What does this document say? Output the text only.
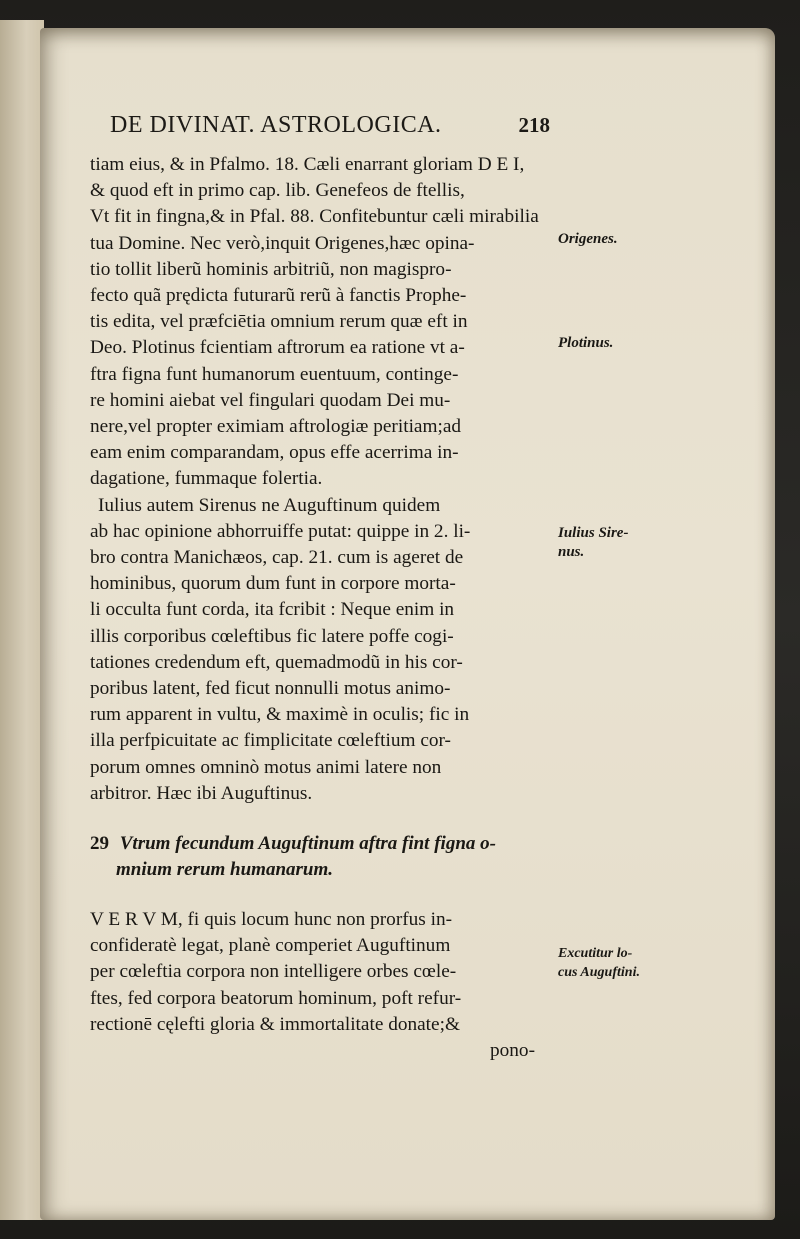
DE DIVINAT. ASTROLOGICA.	218
tiam eius, & in Pfalmo. 18. Cæli enarrant gloriam D E I,
& quod eft in primo cap. lib. Genefeos de ftellis,
Vt fit in fingna,& in Pfal. 88. Confitebuntur cæli mirabilia
tua Domine. Nec verò,inquit Origenes,hæc opina-
tio tollit liberũ hominis arbitriũ, non magispro-
fecto quã prędicta futurarũ rerũ à fanctis Prophe-
tis edita, vel præfciētia omnium rerum quæ eft in
Deo. Plotinus fcientiam aftrorum ea ratione vt a-
ftra figna funt humanorum euentuum, continge-
re homini aiebat vel fingulari quodam Dei mu-
nere,vel propter eximiam aftrologiæ peritiam;ad
eam enim comparandam, opus effe acerrima in-
dagatione, fummaque folertia.
Iulius autem Sirenus ne Auguftinum quidem
ab hac opinione abhorruiffe putat: quippe in 2. li-
bro contra Manichæos, cap. 21. cum is ageret de
hominibus, quorum dum funt in corpore morta-
li occulta funt corda, ita fcribit : Neque enim in
illis corporibus cœleftibus fic latere poffe cogi-
tationes credendum eft, quemadmodũ in his cor-
poribus latent, fed ficut nonnulli motus animo-
rum apparent in vultu, & maximè in oculis; fic in
illa perfpicuitate ac fimplicitate cœleftium cor-
porum omnes omninò motus animi latere non
arbitror. Hæc ibi Auguftinus.
29 Vtrum fecundum Auguftinum aftra fint figna o-
mnium rerum humanarum.
V E R V M, fi quis locum hunc non prorfus in-
confideratè legat, planè comperiet Auguftinum
per cœleftia corpora non intelligere orbes cœle-
ftes, fed corpora beatorum hominum, poft refur-
rectionē cęlefti gloria & immortalitate donate;&
pono-
Origenes.
Plotinus.
Iulius Sire-
nus.
Excutitur lo-
cus Auguftini.
